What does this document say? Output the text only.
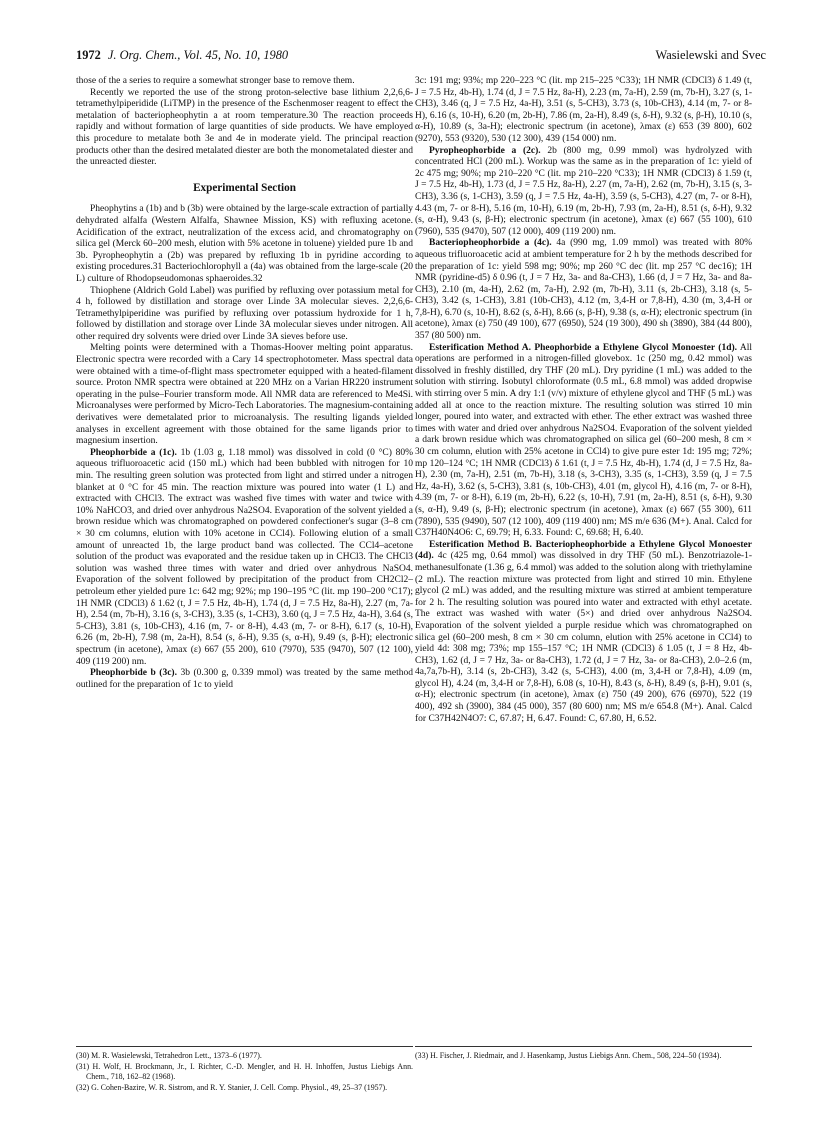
1972 J. Org. Chem., Vol. 45, No. 10, 1980	Wasielewski and Svec

those of the a series to require a somewhat stronger base to remove them.

Recently we reported the use of the strong proton-selective base lithium 2,2,6,6-tetramethylpiperidide (LiTMP) in the presence of the Eschenmoser reagent to effect the metalation of bacteriopheophytin a at room temperature.30 The reaction proceeds rapidly and without formation of large quantities of side products. We have employed this procedure to metalate both 3e and 4e in moderate yield. The principal reaction products other than the desired metalated diester are both the monometalated diester and the unreacted diester.

Experimental Section

Pheophytins a (1b) and b (3b) were obtained by the large-scale extraction of partially dehydrated alfalfa (Western Alfalfa, Shawnee Mission, KS) with refluxing acetone. Acidification of the extract, neutralization of the excess acid, and chromatography on silica gel (Merck 60–200 mesh, elution with 5% acetone in toluene) yielded pure 1b and 3b. Pyropheophytin a (2b) was prepared by refluxing 1b in pyridine according to existing procedures.31 Bacteriochlorophyll a (4a) was obtained from the large-scale (20 L) culture of Rhodopseudomonas sphaeroides.32

Thiophene (Aldrich Gold Label) was purified by refluxing over potassium metal for 4 h, followed by distillation and storage over Linde 3A molecular sieves. 2,2,6,6-Tetramethylpiperidine was purified by refluxing over potassium hydroxide for 1 h, followed by distillation and storage over Linde 3A molecular sieves under nitrogen. All other required dry solvents were dried over Linde 3A sieves before use.

Melting points were determined with a Thomas-Hoover melting point apparatus. Electronic spectra were recorded with a Cary 14 spectrophotometer. Mass spectral data were obtained with a time-of-flight mass spectrometer equipped with a heated-filament source. Proton NMR spectra were obtained at 220 MHz on a Varian HR220 instrument operating in the pulse–Fourier transform mode. All NMR data are referenced to Me4Si. Microanalyses were performed by Micro-Tech Laboratories. The magnesium-containing derivatives were demetalated prior to microanalysis. The resulting ligands yielded analyses in excellent agreement with those obtained for the same ligands prior to magnesium insertion.

Pheophorbide a (1c). 1b (1.03 g, 1.18 mmol) was dissolved in cold (0 °C) 80% aqueous trifluoroacetic acid (150 mL) which had been bubbled with nitrogen for 10 min. The resulting green solution was protected from light and stirred under a nitrogen blanket at 0 °C for 45 min. The reaction mixture was poured into water (1 L) and extracted with CHCl3. The extract was washed five times with water and twice with 10% NaHCO3, and dried over anhydrous Na2SO4. Evaporation of the solvent yielded a brown residue which was chromatographed on powdered confectioner's sugar (3–8 cm × 30 cm columns, elution with 10% acetone in CCl4). Following elution of a small amount of unreacted 1b, the large product band was collected. The CCl4–acetone solution of the product was evaporated and the residue taken up in CHCl3. The CHCl3 solution was washed three times with water and dried over anhydrous NaSO4. Evaporation of the solvent followed by precipitation of the product from CH2Cl2–petroleum ether yielded pure 1c: 642 mg; 92%; mp 190–195 °C (lit. mp 190–200 °C17); 1H NMR (CDCl3) δ 1.62 (t, J = 7.5 Hz, 4b-H), 1.74 (d, J = 7.5 Hz, 8a-H), 2.27 (m, 7a-H), 2.54 (m, 7b-H), 3.16 (s, 3-CH3), 3.35 (s, 1-CH3), 3.60 (q, J = 7.5 Hz, 4a-H), 3.64 (s, 5-CH3), 3.81 (s, 10b-CH3), 4.16 (m, 7- or 8-H), 4.43 (m, 7- or 8-H), 6.17 (s, 10-H), 6.26 (m, 2b-H), 7.98 (m, 2a-H), 8.54 (s, δ-H), 9.35 (s, α-H), 9.49 (s, β-H); electronic spectrum (in acetone), λmax (ε) 667 (55 200), 610 (7970), 535 (9470), 507 (12 100), 409 (119 200) nm.

Pheophorbide b (3c). 3b (0.300 g, 0.339 mmol) was treated by the same method outlined for the preparation of 1c to yield

3c: 191 mg; 93%; mp 220–223 °C (lit. mp 215–225 °C33); 1H NMR (CDCl3) δ 1.49 (t, J = 7.5 Hz, 4b-H), 1.74 (d, J = 7.5 Hz, 8a-H), 2.23 (m, 7a-H), 2.59 (m, 7b-H), 3.27 (s, 1-CH3), 3.46 (q, J = 7.5 Hz, 4a-H), 3.51 (s, 5-CH3), 3.73 (s, 10b-CH3), 4.14 (m, 7- or 8-H), 6.16 (s, 10-H), 6.20 (m, 2b-H), 7.86 (m, 2a-H), 8.49 (s, δ-H), 9.32 (s, β-H), 10.10 (s, α-H), 10.89 (s, 3a-H); electronic spectrum (in acetone), λmax (ε) 653 (39 800), 602 (9270), 553 (9320), 530 (12 300), 439 (154 000) nm.

Pyropheophorbide a (2c). 2b (800 mg, 0.99 mmol) was hydrolyzed with concentrated HCl (200 mL). Workup was the same as in the preparation of 1c: yield of 2c 475 mg; 90%; mp 210–220 °C (lit. mp 210–220 °C33); 1H NMR (CDCl3) δ 1.59 (t, J = 7.5 Hz, 4b-H), 1.73 (d, J = 7.5 Hz, 8a-H), 2.27 (m, 7a-H), 2.62 (m, 7b-H), 3.15 (s, 3-CH3), 3.36 (s, 1-CH3), 3.59 (q, J = 7.5 Hz, 4a-H), 3.59 (s, 5-CH3), 4.27 (m, 7- or 8-H), 4.43 (m, 7- or 8-H), 5.16 (m, 10-H), 6.19 (m, 2b-H), 7.93 (m, 2a-H), 8.51 (s, δ-H), 9.32 (s, α-H), 9.43 (s, β-H); electronic spectrum (in acetone), λmax (ε) 667 (55 100), 610 (7960), 535 (9470), 507 (12 000), 409 (119 200) nm.

Bacteriopheophorbide a (4c). 4a (990 mg, 1.09 mmol) was treated with 80% aqueous trifluoroacetic acid at ambient temperature for 2 h by the methods described for the preparation of 1c: yield 598 mg; 90%; mp 260 °C dec (lit. mp 257 °C dec16); 1H NMR (pyridine-d5) δ 0.96 (t, J = 7 Hz, 3a- and 8a-CH3), 1.66 (d, J = 7 Hz, 3a- and 8a-CH3), 2.10 (m, 4a-H), 2.62 (m, 7a-H), 2.92 (m, 7b-H), 3.11 (s, 2b-CH3), 3.18 (s, 5-CH3), 3.42 (s, 1-CH3), 3.81 (10b-CH3), 4.12 (m, 3,4-H or 7,8-H), 4.30 (m, 3,4-H or 7,8-H), 6.70 (s, 10-H), 8.62 (s, δ-H), 8.66 (s, β-H), 9.38 (s, α-H); electronic spectrum (in acetone), λmax (ε) 750 (49 100), 677 (6950), 524 (19 300), 490 sh (3890), 384 (44 800), 357 (80 500) nm.

Esterification Method A. Pheophorbide a Ethylene Glycol Monoester (1d). All operations are performed in a nitrogen-filled glovebox. 1c (250 mg, 0.42 mmol) was dissolved in freshly distilled, dry THF (20 mL). Dry pyridine (1 mL) was added to the solution with stirring. Isobutyl chloroformate (0.5 mL, 6.8 mmol) was added dropwise with stirring over 5 min. A dry 1:1 (v/v) mixture of ethylene glycol and THF (5 mL) was added all at once to the reaction mixture. The resulting solution was stirred 10 min longer, poured into water, and extracted with ether. The ether extract was washed three times with water and dried over anhydrous Na2SO4. Evaporation of the solvent yielded a dark brown residue which was chromatographed on silica gel (60–200 mesh, 8 cm × 30 cm column, elution with 25% acetone in CCl4) to give pure ester 1d: 195 mg; 72%; mp 120–124 °C; 1H NMR (CDCl3) δ 1.61 (t, J = 7.5 Hz, 4b-H), 1.74 (d, J = 7.5 Hz, 8a-H), 2.30 (m, 7a-H), 2.51 (m, 7b-H), 3.18 (s, 3-CH3), 3.35 (s, 1-CH3), 3.59 (q, J = 7.5 Hz, 4a-H), 3.62 (s, 5-CH3), 3.81 (s, 10b-CH3), 4.01 (m, glycol H), 4.16 (m, 7- or 8-H), 4.39 (m, 7- or 8-H), 6.19 (m, 2b-H), 6.22 (s, 10-H), 7.91 (m, 2a-H), 8.51 (s, δ-H), 9.30 (s, α-H), 9.49 (s, β-H); electronic spectrum (in acetone), λmax (ε) 667 (55 300), 611 (7890), 535 (9490), 507 (12 100), 409 (119 400) nm; MS m/e 636 (M+). Anal. Calcd for C37H40N4O6: C, 69.79; H, 6.33. Found: C, 69.68; H, 6.40.

Esterification Method B. Bacteriopheophorbide a Ethylene Glycol Monoester (4d). 4c (425 mg, 0.64 mmol) was dissolved in dry THF (50 mL). Benzotriazole-1-methanesulfonate (1.36 g, 6.4 mmol) was added to the solution along with triethylamine (2 mL). The reaction mixture was protected from light and stirred 10 min. Ethylene glycol (2 mL) was added, and the resulting mixture was stirred at ambient temperature for 2 h. The resulting solution was poured into water and extracted with ethyl acetate. The extract was washed with water (5×) and dried over anhydrous Na2SO4. Evaporation of the solvent yielded a purple residue which was chromatographed on silica gel (60–200 mesh, 8 cm × 30 cm column, elution with 25% acetone in CCl4) to yield 4d: 308 mg; 73%; mp 155–157 °C; 1H NMR (CDCl3) δ 1.05 (t, J = 8 Hz, 4b-CH3), 1.62 (d, J = 7 Hz, 3a- or 8a-CH3), 1.72 (d, J = 7 Hz, 3a- or 8a-CH3), 2.0–2.6 (m, 4a,7a,7b-H), 3.14 (s, 2b-CH3), 3.42 (s, 5-CH3), 4.00 (m, 3,4-H or 7,8-H), 4.09 (m, glycol H), 4.24 (m, 3,4-H or 7,8-H), 6.08 (s, 10-H), 8.43 (s, δ-H), 8.49 (s, β-H), 9.01 (s, α-H); electronic spectrum (in acetone), λmax (ε) 750 (49 200), 676 (6970), 522 (19 400), 492 sh (3900), 384 (45 000), 357 (80 600) nm; MS m/e 654.8 (M+). Anal. Calcd for C37H42N4O7: C, 67.87; H, 6.47. Found: C, 67.80, H, 6.52.

(30) M. R. Wasielewski, Tetrahedron Lett., 1373–6 (1977).

(31) H. Wolf, H. Brockmann, Jr., I. Richter, C.-D. Mengler, and H. H. Inhoffen, Justus Liebigs Ann. Chem., 718, 162–82 (1968).

(32) G. Cohen-Bazire, W. R. Sistrom, and R. Y. Stanier, J. Cell. Comp. Physiol., 49, 25–37 (1957).

(33) H. Fischer, J. Riedmair, and J. Hasenkamp, Justus Liebigs Ann. Chem., 508, 224–50 (1934).
